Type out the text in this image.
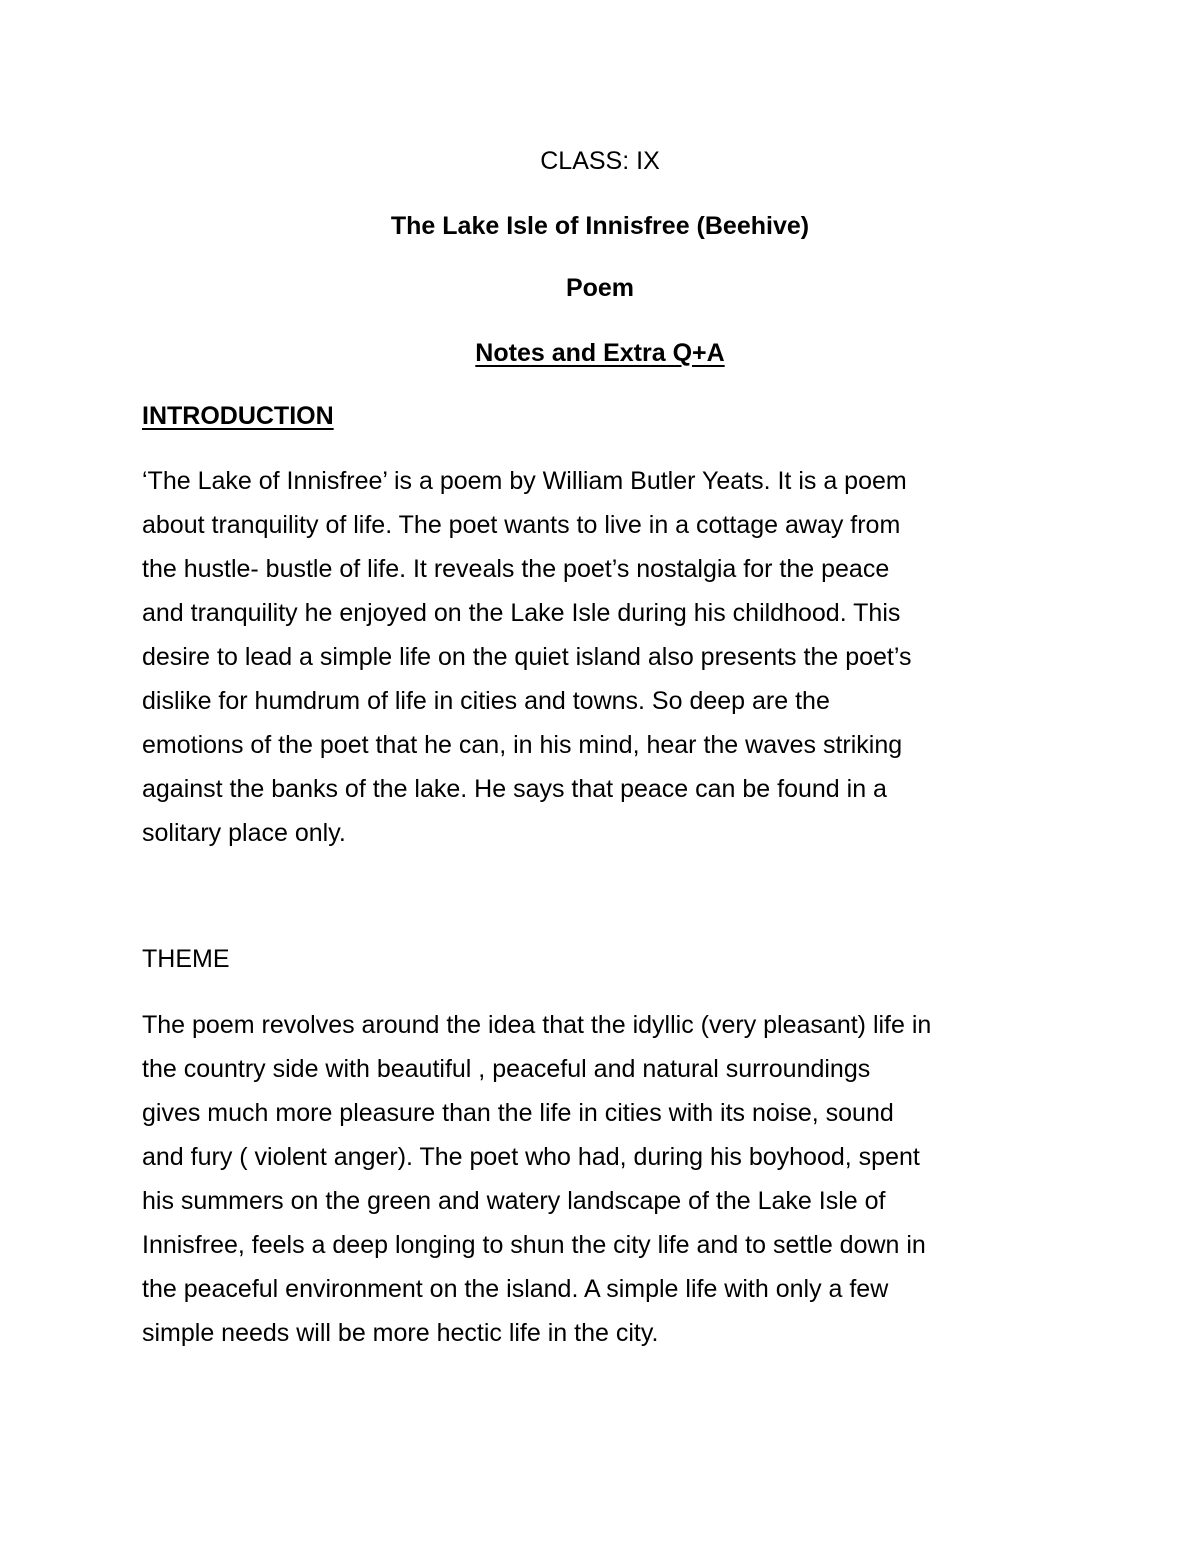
CLASS: IX
The Lake Isle of Innisfree (Beehive)
Poem
Notes and Extra Q+A
INTRODUCTION
‘The Lake of Innisfree’ is a poem by William Butler Yeats. It is a poem
about tranquility of life. The poet wants to live in a cottage away from
the hustle- bustle of life. It reveals the poet’s nostalgia for the peace
and tranquility he enjoyed on the Lake Isle during his childhood. This
desire to lead a simple life on the quiet island also presents the poet’s
dislike for humdrum of life in cities and towns. So deep are the
emotions of the poet that he can, in his mind, hear the waves striking
against the banks of the lake. He says that peace can be found in a
solitary place only.
THEME
The poem revolves around the idea that the idyllic (very pleasant) life in
the country side with beautiful , peaceful and natural surroundings
gives much more pleasure than the life in cities with its noise, sound
and fury ( violent anger). The poet who had, during his boyhood, spent
his summers on the green and watery landscape of the Lake Isle of
Innisfree, feels a deep longing to shun the city life and to settle down in
the peaceful environment on the island. A simple life with only a few
simple needs will be more hectic life in the city.
